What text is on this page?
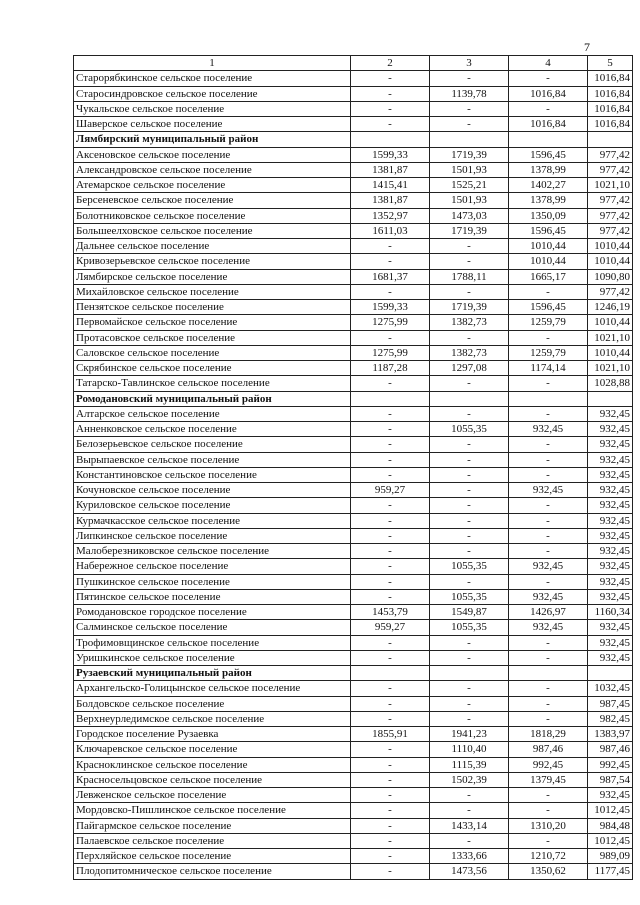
7
1	2	3	4	5
Старорябкинское сельское поселение	-	-	-	1016,84
Старосиндровское сельское поселение	-	1139,78	1016,84	1016,84
Чукальское сельское поселение	-	-	-	1016,84
Шаверское сельское поселение	-	-	1016,84	1016,84
Лямбирский муниципальный район				
Аксеновское сельское поселение	1599,33	1719,39	1596,45	977,42
Александровское сельское поселение	1381,87	1501,93	1378,99	977,42
Атемарское сельское поселение	1415,41	1525,21	1402,27	1021,10
Берсеневское сельское поселение	1381,87	1501,93	1378,99	977,42
Болотниковское сельское поселение	1352,97	1473,03	1350,09	977,42
Большеелховское сельское поселение	1611,03	1719,39	1596,45	977,42
Дальнее сельское поселение	-	-	1010,44	1010,44
Кривозерьевское сельское поселение	-	-	1010,44	1010,44
Лямбирское сельское поселение	1681,37	1788,11	1665,17	1090,80
Михайловское сельское поселение	-	-	-	977,42
Пензятское сельское поселение	1599,33	1719,39	1596,45	1246,19
Первомайское сельское поселение	1275,99	1382,73	1259,79	1010,44
Протасовское сельское поселение	-	-	-	1021,10
Саловское сельское поселение	1275,99	1382,73	1259,79	1010,44
Скрябинское сельское поселение	1187,28	1297,08	1174,14	1021,10
Татарско-Тавлинское сельское поселение	-	-	-	1028,88
Ромодановский муниципальный район				
Алтарское сельское поселение	-	-	-	932,45
Анненковское сельское поселение	-	1055,35	932,45	932,45
Белозерьевское сельское поселение	-	-	-	932,45
Вырыпаевское сельское поселение	-	-	-	932,45
Константиновское сельское поселение	-	-	-	932,45
Кочуновское сельское поселение	959,27	-	932,45	932,45
Куриловское сельское поселение	-	-	-	932,45
Курмачкасское сельское поселение	-	-	-	932,45
Липкинское сельское поселение	-	-	-	932,45
Малоберезниковское сельское поселение	-	-	-	932,45
Набережное сельское поселение	-	1055,35	932,45	932,45
Пушкинское сельское поселение	-	-	-	932,45
Пятинское сельское поселение	-	1055,35	932,45	932,45
Ромодановское городское поселение	1453,79	1549,87	1426,97	1160,34
Салминское сельское поселение	959,27	1055,35	932,45	932,45
Трофимовщинское сельское поселение	-	-	-	932,45
Уришкинское сельское поселение	-	-	-	932,45
Рузаевский муниципальный район				
Архангельско-Голицынское сельское поселение	-	-	-	1032,45
Болдовское сельское поселение	-	-	-	987,45
Верхнеурледимское сельское поселение	-	-	-	982,45
Городское поселение Рузаевка	1855,91	1941,23	1818,29	1383,97
Ключаревское сельское поселение	-	1110,40	987,46	987,46
Красноклинское сельское поселение	-	1115,39	992,45	992,45
Красносельцовское сельское поселение	-	1502,39	1379,45	987,54
Левженское сельское поселение	-	-	-	932,45
Мордовско-Пишлинское сельское поселение	-	-	-	1012,45
Пайгармское сельское поселение	-	1433,14	1310,20	984,48
Палаевское сельское поселение	-	-	-	1012,45
Перхляйское сельское поселение	-	1333,66	1210,72	989,09
Плодопитомническое сельское поселение	-	1473,56	1350,62	1177,45
